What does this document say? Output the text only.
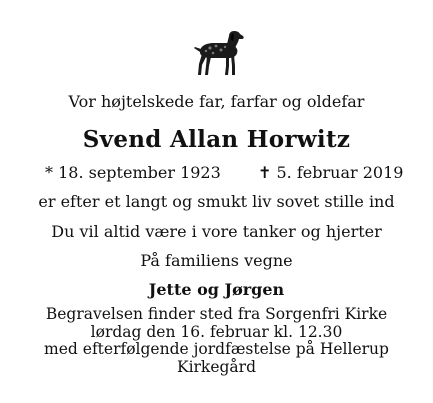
Vor højtelskede far, farfar og oldefar
Svend Allan Horwitz
* 18. september 1923 ✝ 5. februar 2019
er efter et langt og smukt liv sovet stille ind
Du vil altid være i vore tanker og hjerter
På familiens vegne
Jette og Jørgen
Begravelsen finder sted fra Sorgenfri Kirke
lørdag den 16. februar kl. 12.30
med efterfølgende jordfæstelse på Hellerup
Kirkegård
